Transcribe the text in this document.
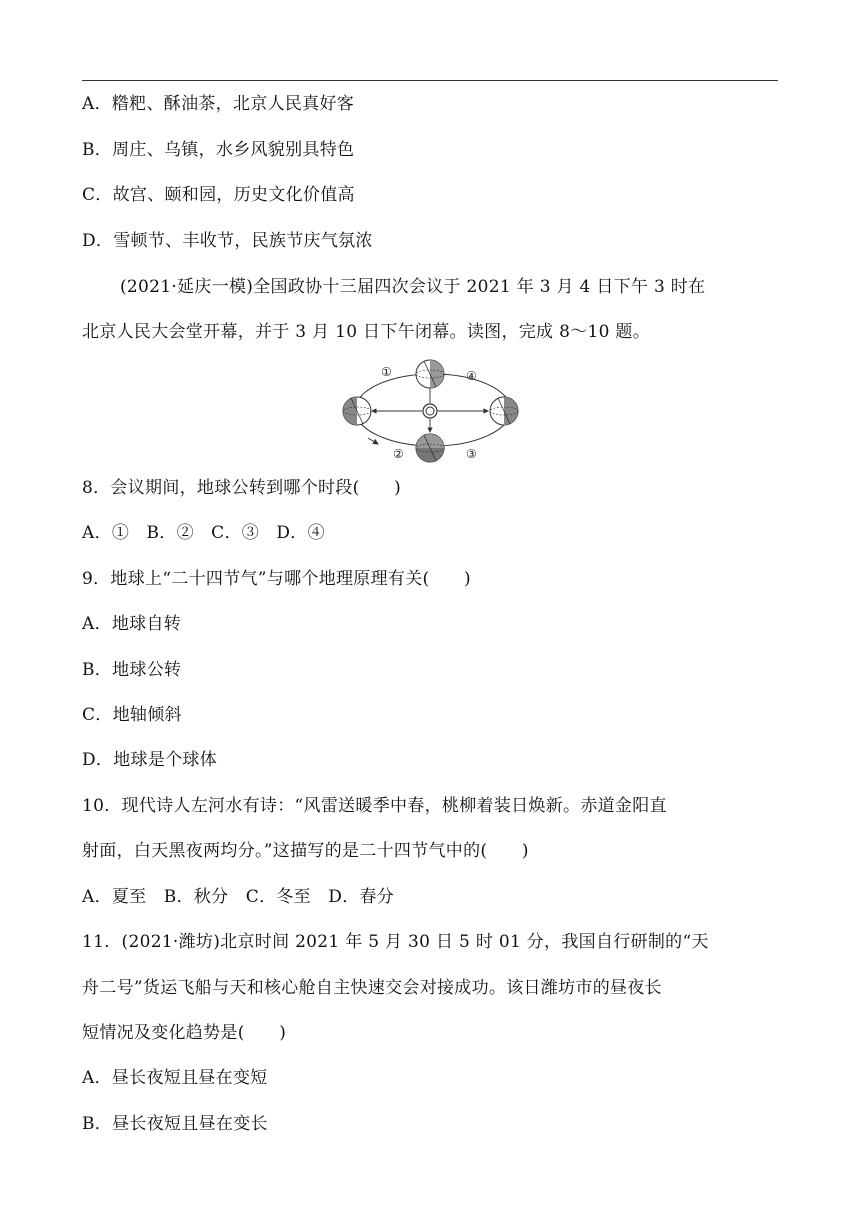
A．糌粑、酥油茶，北京人民真好客
B．周庄、乌镇，水乡风貌别具特色
C．故宫、颐和园，历史文化价值高
D．雪顿节、丰收节，民族节庆气氛浓
(2021·延庆一模)全国政协十三届四次会议于 2021 年 3 月 4 日下午 3 时在
北京人民大会堂开幕，并于 3 月 10 日下午闭幕。读图，完成 8～10 题。
①
②	③
④
8．会议期间，地球公转到哪个时段(　　)
A．①　B．②　C．③　D．④
9．地球上“二十四节气”与哪个地理原理有关(　　)
A．地球自转
B．地球公转
C．地轴倾斜
D．地球是个球体
10．现代诗人左河水有诗：“风雷送暖季中春，桃柳着装日焕新。赤道金阳直
射面，白天黑夜两均分。”这描写的是二十四节气中的(　　)
A．夏至　B．秋分　C．冬至　D．春分
11．(2021·潍坊)北京时间 2021 年 5 月 30 日 5 时 01 分，我国自行研制的“天
舟二号”货运飞船与天和核心舱自主快速交会对接成功。该日潍坊市的昼夜长
短情况及变化趋势是(　　)
A．昼长夜短且昼在变短
B．昼长夜短且昼在变长
